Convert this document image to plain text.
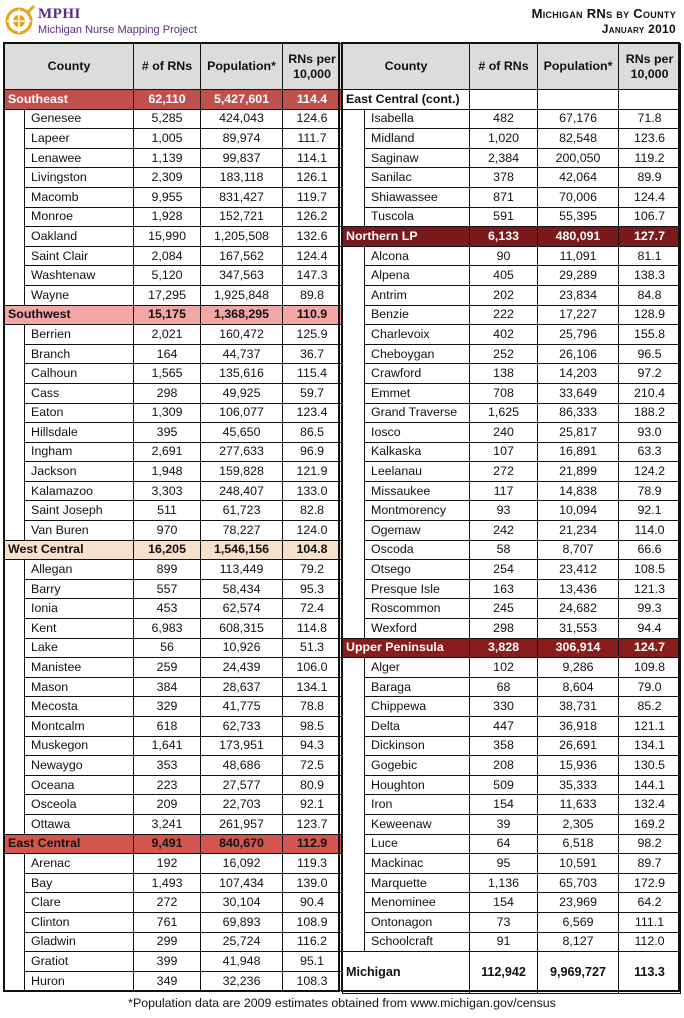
MPHI
Michigan Nurse Mapping Project
Michigan RNs by County
January 2010
County		# of RNs	Population*	RNs per 10,000
Southeast		62,110	5,427,601	114.4
	Genesee	5,285	424,043	124.6
	Lapeer	1,005	89,974	111.7
	Lenawee	1,139	99,837	114.1
	Livingston	2,309	183,118	126.1
	Macomb	9,955	831,427	119.7
	Monroe	1,928	152,721	126.2
	Oakland	15,990	1,205,508	132.6
	Saint Clair	2,084	167,562	124.4
	Washtenaw	5,120	347,563	147.3
	Wayne	17,295	1,925,848	89.8
Southwest		15,175	1,368,295	110.9
	Berrien	2,021	160,472	125.9
	Branch	164	44,737	36.7
	Calhoun	1,565	135,616	115.4
	Cass	298	49,925	59.7
	Eaton	1,309	106,077	123.4
	Hillsdale	395	45,650	86.5
	Ingham	2,691	277,633	96.9
	Jackson	1,948	159,828	121.9
	Kalamazoo	3,303	248,407	133.0
	Saint Joseph	511	61,723	82.8
	Van Buren	970	78,227	124.0
West Central		16,205	1,546,156	104.8
	Allegan	899	113,449	79.2
	Barry	557	58,434	95.3
	Ionia	453	62,574	72.4
	Kent	6,983	608,315	114.8
	Lake	56	10,926	51.3
	Manistee	259	24,439	106.0
	Mason	384	28,637	134.1
	Mecosta	329	41,775	78.8
	Montcalm	618	62,733	98.5
	Muskegon	1,641	173,951	94.3
	Newaygo	353	48,686	72.5
	Oceana	223	27,577	80.9
	Osceola	209	22,703	92.1
	Ottawa	3,241	261,957	123.7
East Central		9,491	840,670	112.9
	Arenac	192	16,092	119.3
	Bay	1,493	107,434	139.0
	Clare	272	30,104	90.4
	Clinton	761	69,893	108.9
	Gladwin	299	25,724	116.2
	Gratiot	399	41,948	95.1
	Huron	349	32,236	108.3
County		# of RNs	Population*	RNs per 10,000
East Central (cont.)				
	Isabella	482	67,176	71.8
	Midland	1,020	82,548	123.6
	Saginaw	2,384	200,050	119.2
	Sanilac	378	42,064	89.9
	Shiawassee	871	70,006	124.4
	Tuscola	591	55,395	106.7
Northern LP		6,133	480,091	127.7
	Alcona	90	11,091	81.1
	Alpena	405	29,289	138.3
	Antrim	202	23,834	84.8
	Benzie	222	17,227	128.9
	Charlevoix	402	25,796	155.8
	Cheboygan	252	26,106	96.5
	Crawford	138	14,203	97.2
	Emmet	708	33,649	210.4
	Grand Traverse	1,625	86,333	188.2
	Iosco	240	25,817	93.0
	Kalkaska	107	16,891	63.3
	Leelanau	272	21,899	124.2
	Missaukee	117	14,838	78.9
	Montmorency	93	10,094	92.1
	Ogemaw	242	21,234	114.0
	Oscoda	58	8,707	66.6
	Otsego	254	23,412	108.5
	Presque Isle	163	13,436	121.3
	Roscommon	245	24,682	99.3
	Wexford	298	31,553	94.4
Upper Peninsula		3,828	306,914	124.7
	Alger	102	9,286	109.8
	Baraga	68	8,604	79.0
	Chippewa	330	38,731	85.2
	Delta	447	36,918	121.1
	Dickinson	358	26,691	134.1
	Gogebic	208	15,936	130.5
	Houghton	509	35,333	144.1
	Iron	154	11,633	132.4
	Keweenaw	39	2,305	169.2
	Luce	64	6,518	98.2
	Mackinac	95	10,591	89.7
	Marquette	1,136	65,703	172.9
	Menominee	154	23,969	64.2
	Ontonagon	73	6,569	111.1
	Schoolcraft	91	8,127	112.0
Michigan		112,942	9,969,727	113.3
*Population data are 2009 estimates obtained from www.michigan.gov/census
